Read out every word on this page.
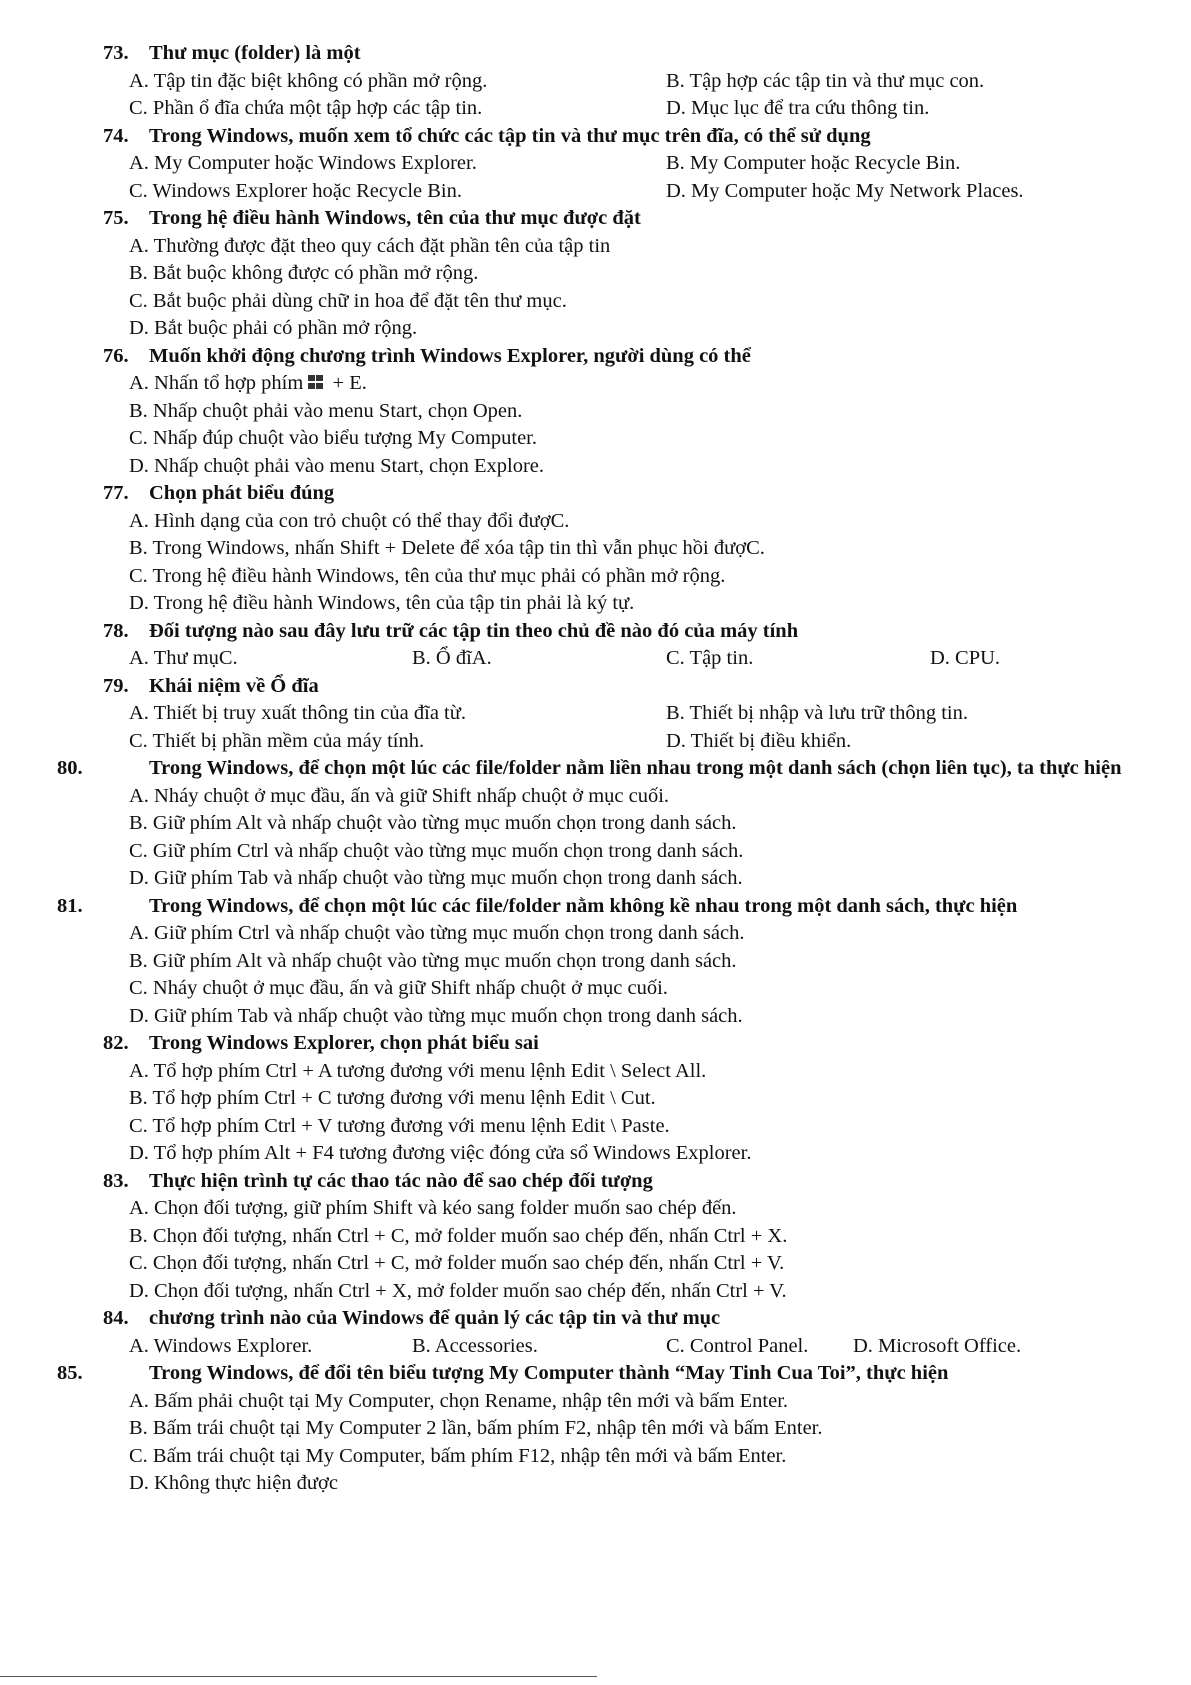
73. Thư mục (folder) là một

A. Tập tin đặc biệt không có phần mở rộng.	B. Tập hợp các tập tin và thư mục con.
C. Phần ổ đĩa chứa một tập hợp các tập tin.	D. Mục lục để tra cứu thông tin.

74. Trong Windows, muốn xem tổ chức các tập tin và thư mục trên đĩa, có thể sử dụng

A. My Computer hoặc Windows Explorer.	B. My Computer hoặc Recycle Bin.
C. Windows Explorer hoặc Recycle Bin.	D. My Computer hoặc My Network Places.

75. Trong hệ điều hành Windows, tên của thư mục được đặt

A. Thường được đặt theo quy cách đặt phần tên của tập tin
B. Bắt buộc không được có phần mở rộng.
C. Bắt buộc phải dùng chữ in hoa để đặt tên thư mục.
D. Bắt buộc phải có phần mở rộng.

76. Muốn khởi động chương trình Windows Explorer, người dùng có thể

A. Nhấn tổ hợp phím  + E.
B. Nhấp chuột phải vào menu Start, chọn Open.
C. Nhấp đúp chuột vào biểu tượng My Computer.
D. Nhấp chuột phải vào menu Start, chọn Explore.

77. Chọn phát biểu đúng

A. Hình dạng của con trỏ chuột có thể thay đổi đượC.
B. Trong Windows, nhấn Shift + Delete để xóa tập tin thì vẫn phục hồi đượC.
C. Trong hệ điều hành Windows, tên của thư mục phải có phần mở rộng.
D. Trong hệ điều hành Windows, tên của tập tin phải là ký tự.

78. Đối tượng nào sau đây lưu trữ các tập tin theo chủ đề nào đó của máy tính

A. Thư mụC.	B. Ổ đĩA.	C. Tập tin.	D. CPU.

79. Khái niệm về Ổ đĩa

A. Thiết bị truy xuất thông tin của đĩa từ.	B. Thiết bị nhập và lưu trữ thông tin.
C. Thiết bị phần mềm của máy tính.	D. Thiết bị điều khiển.

80.	Trong Windows, để chọn một lúc các file/folder nằm liền nhau trong một danh sách (chọn liên tục), ta thực hiện

A. Nháy chuột ở mục đầu, ấn và giữ Shift nhấp chuột ở mục cuối.
B. Giữ phím Alt và nhấp chuột vào từng mục muốn chọn trong danh sách.
C. Giữ phím Ctrl và nhấp chuột vào từng mục muốn chọn trong danh sách.
D. Giữ phím Tab và nhấp chuột vào từng mục muốn chọn trong danh sách.

81.	Trong Windows, để chọn một lúc các file/folder nằm không kề nhau trong một danh sách, thực hiện

A. Giữ phím Ctrl và nhấp chuột vào từng mục muốn chọn trong danh sách.
B. Giữ phím Alt và nhấp chuột vào từng mục muốn chọn trong danh sách.
C. Nháy chuột ở mục đầu, ấn và giữ Shift nhấp chuột ở mục cuối.
D. Giữ phím Tab và nhấp chuột vào từng mục muốn chọn trong danh sách.

82. Trong Windows Explorer, chọn phát biểu sai

A. Tổ hợp phím Ctrl + A tương đương với menu lệnh Edit \ Select All.
B. Tổ hợp phím Ctrl + C tương đương với menu lệnh Edit \ Cut.
C. Tổ hợp phím Ctrl + V tương đương với menu lệnh Edit \ Paste.
D. Tổ hợp phím Alt + F4 tương đương việc đóng cửa sổ Windows Explorer.

83. Thực hiện trình tự các thao tác nào để sao chép đối tượng

A. Chọn đối tượng, giữ phím Shift và kéo sang folder muốn sao chép đến.
B. Chọn đối tượng, nhấn Ctrl + C, mở folder muốn sao chép đến, nhấn Ctrl + X.
C. Chọn đối tượng, nhấn Ctrl + C, mở folder muốn sao chép đến, nhấn Ctrl + V.
D. Chọn đối tượng, nhấn Ctrl + X, mở folder muốn sao chép đến, nhấn Ctrl + V.

84. chương trình nào của Windows để quản lý các tập tin và thư mục

A. Windows Explorer.	B. Accessories.	C. Control Panel. D. Microsoft Office.

85.	Trong Windows, để đổi tên biểu tượng My Computer thành “May Tinh Cua Toi”, thực hiện

A. Bấm phải chuột tại My Computer, chọn Rename, nhập tên mới và bấm Enter.
B. Bấm trái chuột tại My Computer 2 lần, bấm phím F2, nhập tên mới và bấm Enter.
C. Bấm trái chuột tại My Computer, bấm phím F12, nhập tên mới và bấm Enter.
D. Không thực hiện được
